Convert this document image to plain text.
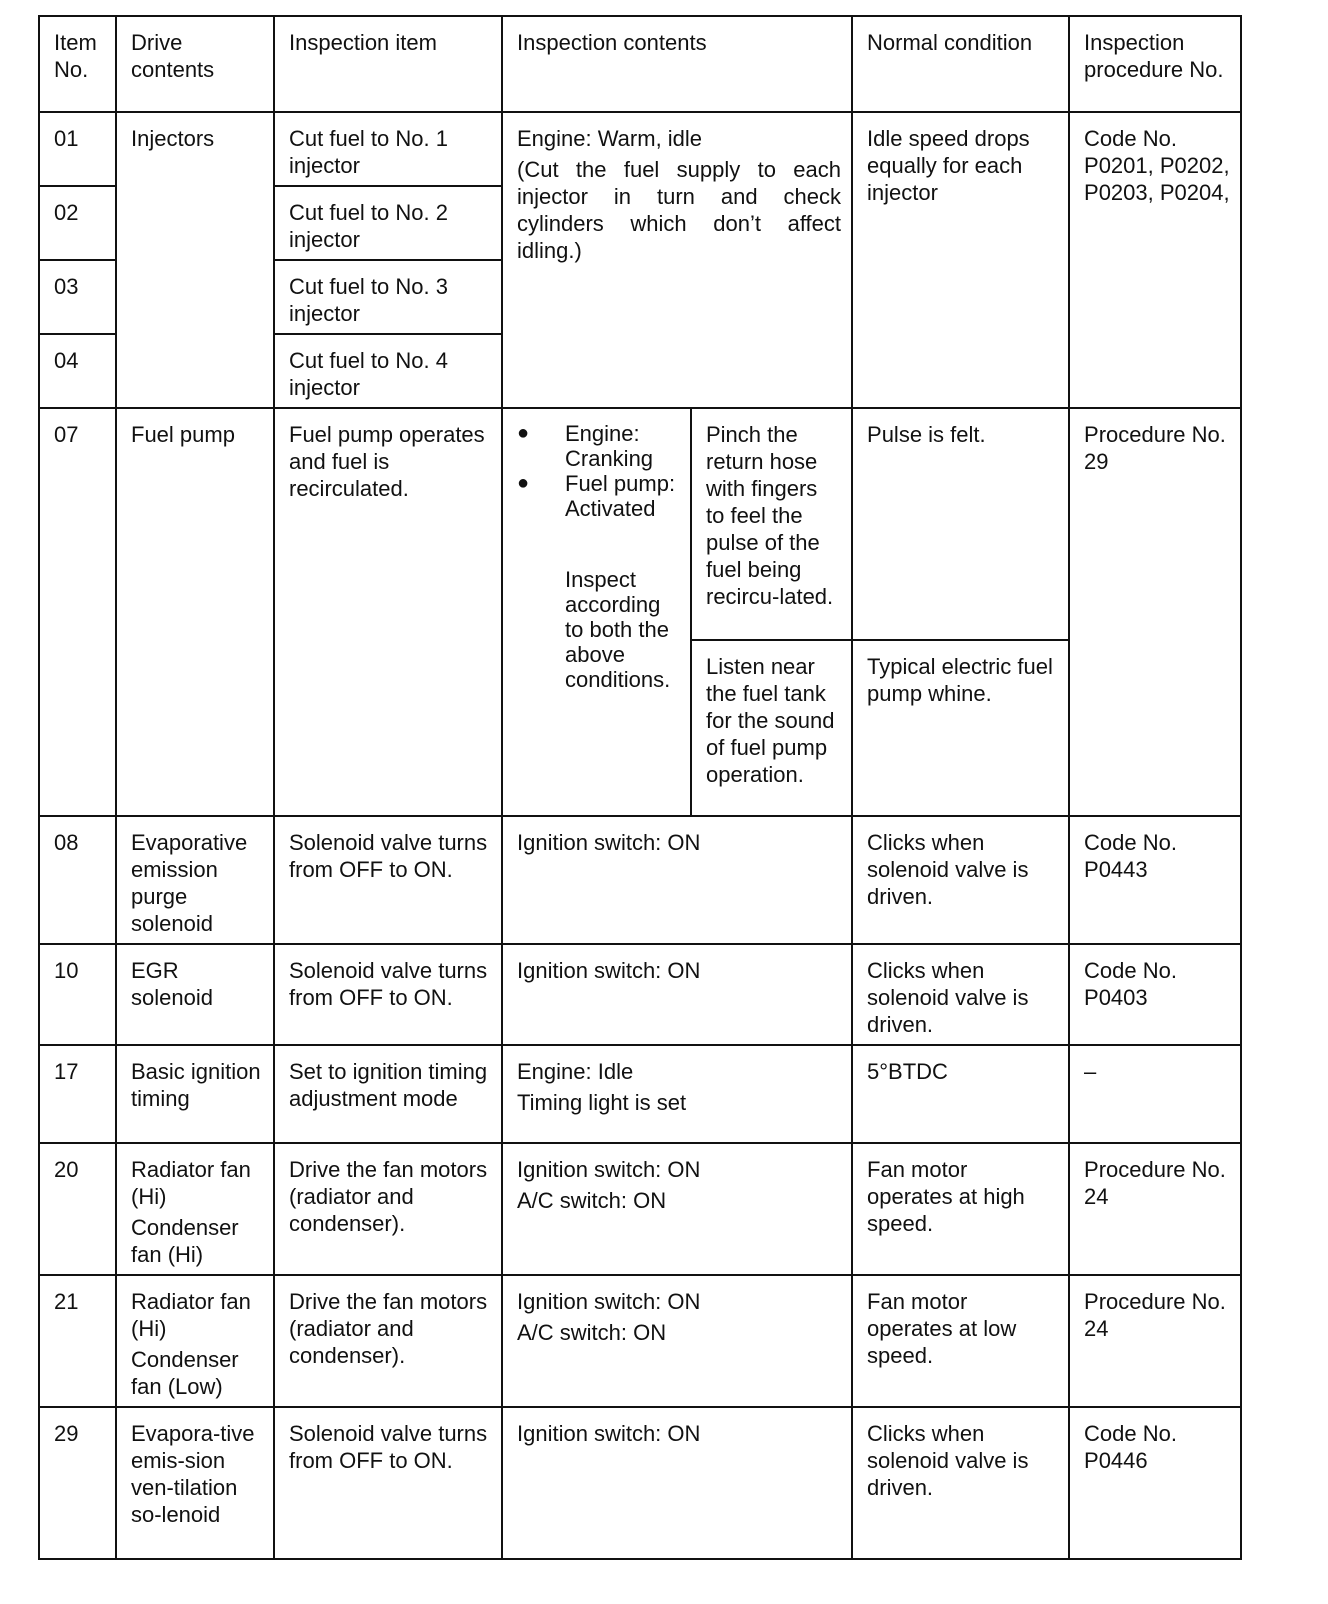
Item No.	Drive contents	Inspection item	Inspection contents		Normal condition	Inspection procedure No.
01	Injectors	Cut fuel to No. 1 injector	Engine: Warm, idle
(Cut the fuel supply to each injector in turn and check cylinders which don’t affect idling.)		Idle speed drops equally for each injector	Code No. P0201, P0202, P0203, P0204,
02		Cut fuel to No. 2 injector				
03		Cut fuel to No. 3 injector				
04		Cut fuel to No. 4 injector				
07	Fuel pump	Fuel pump operates and fuel is recirculated.	● Engine: Cranking
● Fuel pump: Activated
Inspect according to both the above conditions.	Pinch the return hose with fingers to feel the pulse of the fuel being recircu-lated.	Pulse is felt.	Procedure No. 29
				Listen near the fuel tank for the sound of fuel pump operation.	Typical electric fuel pump whine.	
08	Evaporative emission purge solenoid	Solenoid valve turns from OFF to ON.	Ignition switch: ON		Clicks when solenoid valve is driven.	Code No. P0443
10	EGR solenoid	Solenoid valve turns from OFF to ON.	Ignition switch: ON		Clicks when solenoid valve is driven.	Code No. P0403
17	Basic ignition timing	Set to ignition timing adjustment mode	Engine: Idle
Timing light is set		5°BTDC	–
20	Radiator fan (Hi)
Condenser fan (Hi)	Drive the fan motors (radiator and condenser).	Ignition switch: ON
A/C switch: ON		Fan motor operates at high speed.	Procedure No. 24
21	Radiator fan (Hi)
Condenser fan (Low)	Drive the fan motors (radiator and condenser).	Ignition switch: ON
A/C switch: ON		Fan motor operates at low speed.	Procedure No. 24
29	Evapora-tive emis-sion ven-tilation so-lenoid	Solenoid valve turns from OFF to ON.	Ignition switch: ON		Clicks when solenoid valve is driven.	Code No. P0446
